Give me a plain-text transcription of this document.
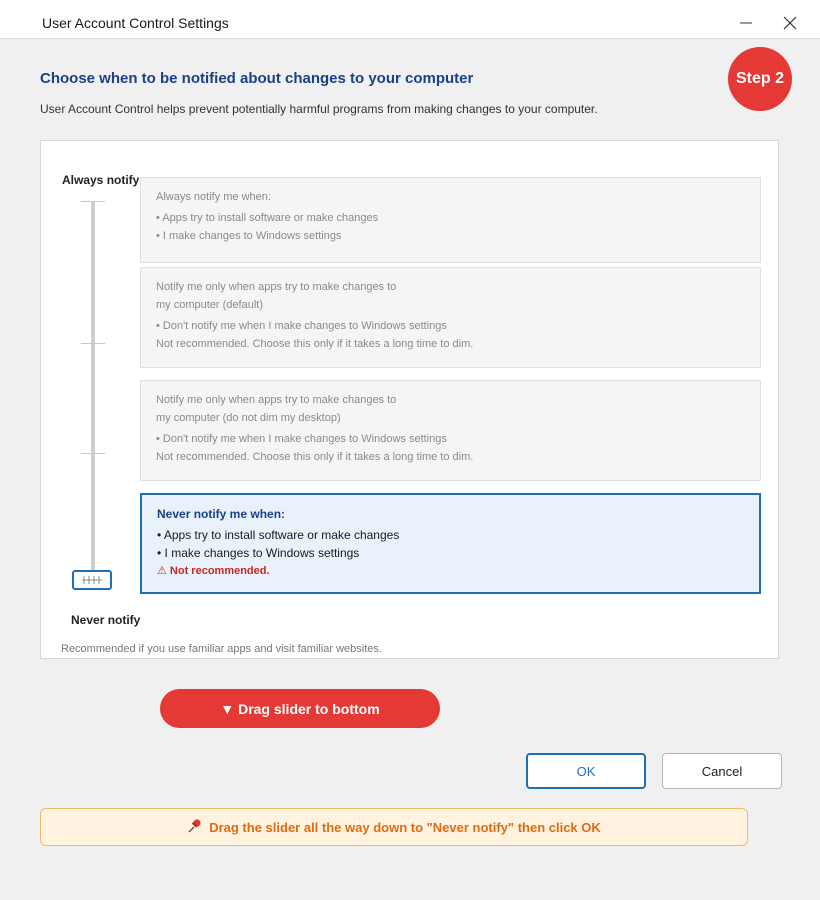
User Account Control Settings
Choose when to be notified about changes to your computer
User Account Control helps prevent potentially harmful programs from making changes to your computer.
Step 2
Always notify
Always notify me when:
• Apps try to install software or make changes
• I make changes to Windows settings
Notify me only when apps try to make changes to
my computer (default)
• Don't notify me when I make changes to Windows settings
Not recommended. Choose this only if it takes a long time to dim.
Notify me only when apps try to make changes to
my computer (do not dim my desktop)
• Don't notify me when I make changes to Windows settings
Not recommended. Choose this only if it takes a long time to dim.
Never notify me when:
• Apps try to install software or make changes
• I make changes to Windows settings
⚠ Not recommended.
Never notify
Recommended if you use familiar apps and visit familiar websites.
▼ Drag slider to bottom
OK	Cancel
Drag the slider all the way down to "Never notify" then click OK
